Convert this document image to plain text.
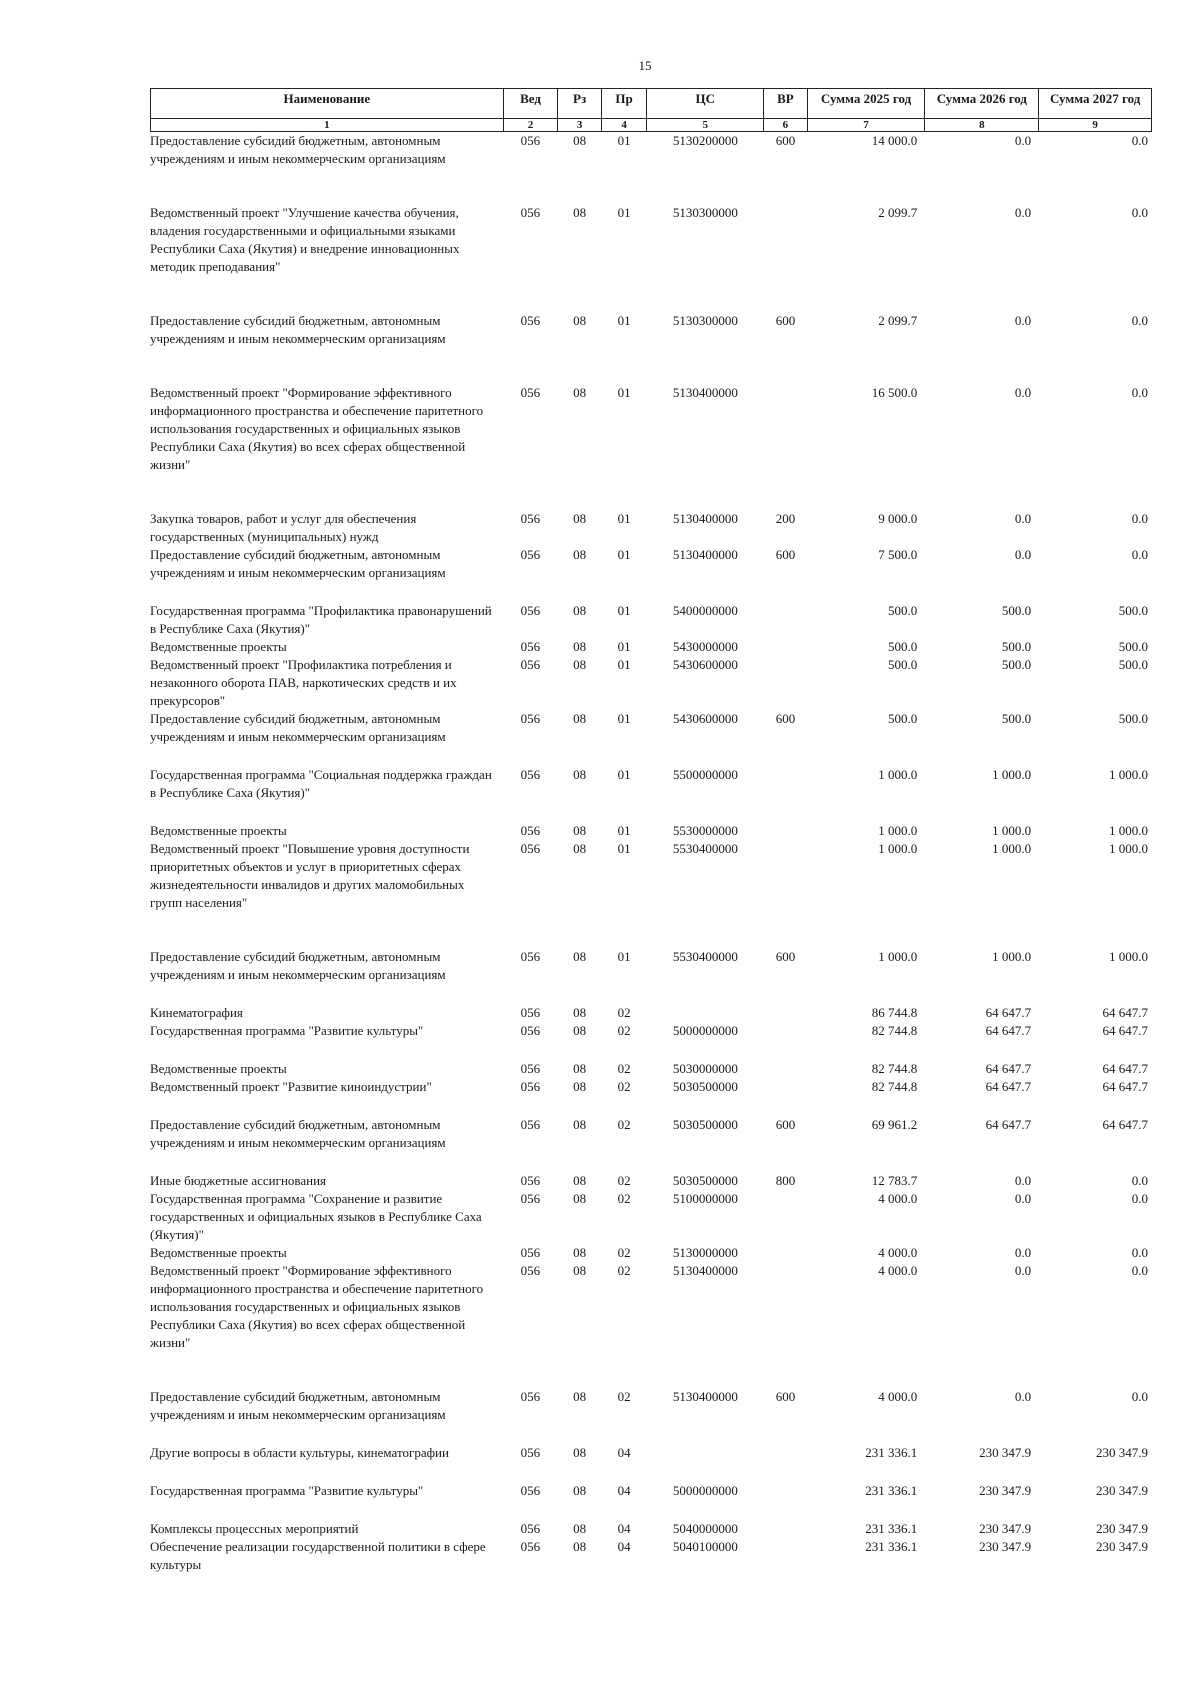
15
Наименование	Вед	Рз	Пр	ЦС	ВР	Сумма 2025 год	Сумма 2026 год	Сумма 2027 год
1	2	3	4	5	6	7	8	9
Предоставление субсидий бюджетным, автономным учреждениям и иным некоммерческим организациям	056	08	01	5130200000	600	14 000.0	0.0	0.0
Ведомственный проект "Улучшение качества обучения, владения государственными и официальными языками Республики Саха (Якутия) и внедрение инновационных методик преподавания"	056	08	01	5130300000		2 099.7	0.0	0.0
Предоставление субсидий бюджетным, автономным учреждениям и иным некоммерческим организациям	056	08	01	5130300000	600	2 099.7	0.0	0.0
Ведомственный проект "Формирование эффективного информационного пространства и обеспечение паритетного использования государственных и официальных языков Республики Саха (Якутия) во всех сферах общественной жизни"	056	08	01	5130400000		16 500.0	0.0	0.0
Закупка товаров, работ и услуг для обеспечения государственных (муниципальных) нужд	056	08	01	5130400000	200	9 000.0	0.0	0.0
Предоставление субсидий бюджетным, автономным учреждениям и иным некоммерческим организациям	056	08	01	5130400000	600	7 500.0	0.0	0.0
Государственная программа "Профилактика правонарушений в Республике Саха (Якутия)"	056	08	01	5400000000		500.0	500.0	500.0
Ведомственные проекты	056	08	01	5430000000		500.0	500.0	500.0
Ведомственный проект "Профилактика потребления и незаконного оборота ПАВ, наркотических средств и их прекурсоров"	056	08	01	5430600000		500.0	500.0	500.0
Предоставление субсидий бюджетным, автономным учреждениям и иным некоммерческим организациям	056	08	01	5430600000	600	500.0	500.0	500.0
Государственная программа "Социальная поддержка граждан в Республике Саха (Якутия)"	056	08	01	5500000000		1 000.0	1 000.0	1 000.0
Ведомственные проекты	056	08	01	5530000000		1 000.0	1 000.0	1 000.0
Ведомственный проект "Повышение уровня доступности приоритетных объектов и услуг в приоритетных сферах жизнедеятельности инвалидов и других маломобильных групп населения"	056	08	01	5530400000		1 000.0	1 000.0	1 000.0
Предоставление субсидий бюджетным, автономным учреждениям и иным некоммерческим организациям	056	08	01	5530400000	600	1 000.0	1 000.0	1 000.0
Кинематография	056	08	02			86 744.8	64 647.7	64 647.7
Государственная программа "Развитие культуры"	056	08	02	5000000000		82 744.8	64 647.7	64 647.7
Ведомственные проекты	056	08	02	5030000000		82 744.8	64 647.7	64 647.7
Ведомственный проект "Развитие киноиндустрии"	056	08	02	5030500000		82 744.8	64 647.7	64 647.7
Предоставление субсидий бюджетным, автономным учреждениям и иным некоммерческим организациям	056	08	02	5030500000	600	69 961.2	64 647.7	64 647.7
Иные бюджетные ассигнования	056	08	02	5030500000	800	12 783.7	0.0	0.0
Государственная программа "Сохранение и развитие государственных и официальных языков в Республике Саха (Якутия)"	056	08	02	5100000000		4 000.0	0.0	0.0
Ведомственные проекты	056	08	02	5130000000		4 000.0	0.0	0.0
Ведомственный проект "Формирование эффективного информационного пространства и обеспечение паритетного использования государственных и официальных языков Республики Саха (Якутия) во всех сферах общественной жизни"	056	08	02	5130400000		4 000.0	0.0	0.0
Предоставление субсидий бюджетным, автономным учреждениям и иным некоммерческим организациям	056	08	02	5130400000	600	4 000.0	0.0	0.0
Другие вопросы в области культуры, кинематографии	056	08	04			231 336.1	230 347.9	230 347.9
Государственная программа "Развитие культуры"	056	08	04	5000000000		231 336.1	230 347.9	230 347.9
Комплексы процессных мероприятий	056	08	04	5040000000		231 336.1	230 347.9	230 347.9
Обеспечение реализации государственной политики в сфере культуры	056	08	04	5040100000		231 336.1	230 347.9	230 347.9
